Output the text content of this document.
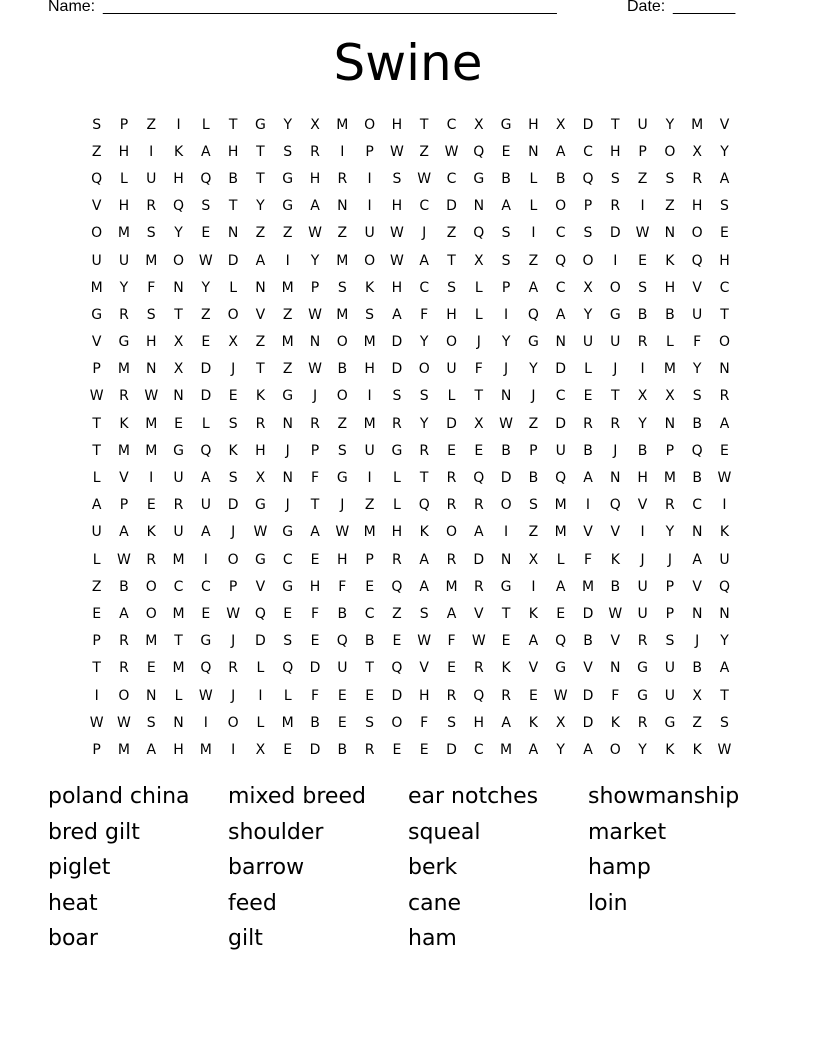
Name: ___________________________________________________	Date: _______
Swine
S	P	Z	I	L	T	G	Y	X	M	O	H	T	C	X	G	H	X	D	T	U	Y	M	V
Z	H	I	K	A	H	T	S	R	I	P	W	Z	W	Q	E	N	A	C	H	P	O	X	Y
Q	L	U	H	Q	B	T	G	H	R	I	S	W	C	G	B	L	B	Q	S	Z	S	R	A
V	H	R	Q	S	T	Y	G	A	N	I	H	C	D	N	A	L	O	P	R	I	Z	H	S
O	M	S	Y	E	N	Z	Z	W	Z	U	W	J	Z	Q	S	I	C	S	D	W	N	O	E
U	U	M	O	W	D	A	I	Y	M	O	W	A	T	X	S	Z	Q	O	I	E	K	Q	H
M	Y	F	N	Y	L	N	M	P	S	K	H	C	S	L	P	A	C	X	O	S	H	V	C
G	R	S	T	Z	O	V	Z	W	M	S	A	F	H	L	I	Q	A	Y	G	B	B	U	T
V	G	H	X	E	X	Z	M	N	O	M	D	Y	O	J	Y	G	N	U	U	R	L	F	O
P	M	N	X	D	J	T	Z	W	B	H	D	O	U	F	J	Y	D	L	J	I	M	Y	N
W	R	W	N	D	E	K	G	J	O	I	S	S	L	T	N	J	C	E	T	X	X	S	R
T	K	M	E	L	S	R	N	R	Z	M	R	Y	D	X	W	Z	D	R	R	Y	N	B	A
T	M	M	G	Q	K	H	J	P	S	U	G	R	E	E	B	P	U	B	J	B	P	Q	E
L	V	I	U	A	S	X	N	F	G	I	L	T	R	Q	D	B	Q	A	N	H	M	B	W
A	P	E	R	U	D	G	J	T	J	Z	L	Q	R	R	O	S	M	I	Q	V	R	C	I
U	A	K	U	A	J	W	G	A	W	M	H	K	O	A	I	Z	M	V	V	I	Y	N	K
L	W	R	M	I	O	G	C	E	H	P	R	A	R	D	N	X	L	F	K	J	J	A	U
Z	B	O	C	C	P	V	G	H	F	E	Q	A	M	R	G	I	A	M	B	U	P	V	Q
E	A	O	M	E	W	Q	E	F	B	C	Z	S	A	V	T	K	E	D	W	U	P	N	N
P	R	M	T	G	J	D	S	E	Q	B	E	W	F	W	E	A	Q	B	V	R	S	J	Y
T	R	E	M	Q	R	L	Q	D	U	T	Q	V	E	R	K	V	G	V	N	G	U	B	A
I	O	N	L	W	J	I	L	F	E	E	D	H	R	Q	R	E	W	D	F	G	U	X	T
W	W	S	N	I	O	L	M	B	E	S	O	F	S	H	A	K	X	D	K	R	G	Z	S
P	M	A	H	M	I	X	E	D	B	R	E	E	D	C	M	A	Y	A	O	Y	K	K	W
poland china	mixed breed	ear notches	showmanship
bred gilt	shoulder	squeal	market
piglet	barrow	berk	hamp
heat	feed	cane	loin
boar	gilt	ham
